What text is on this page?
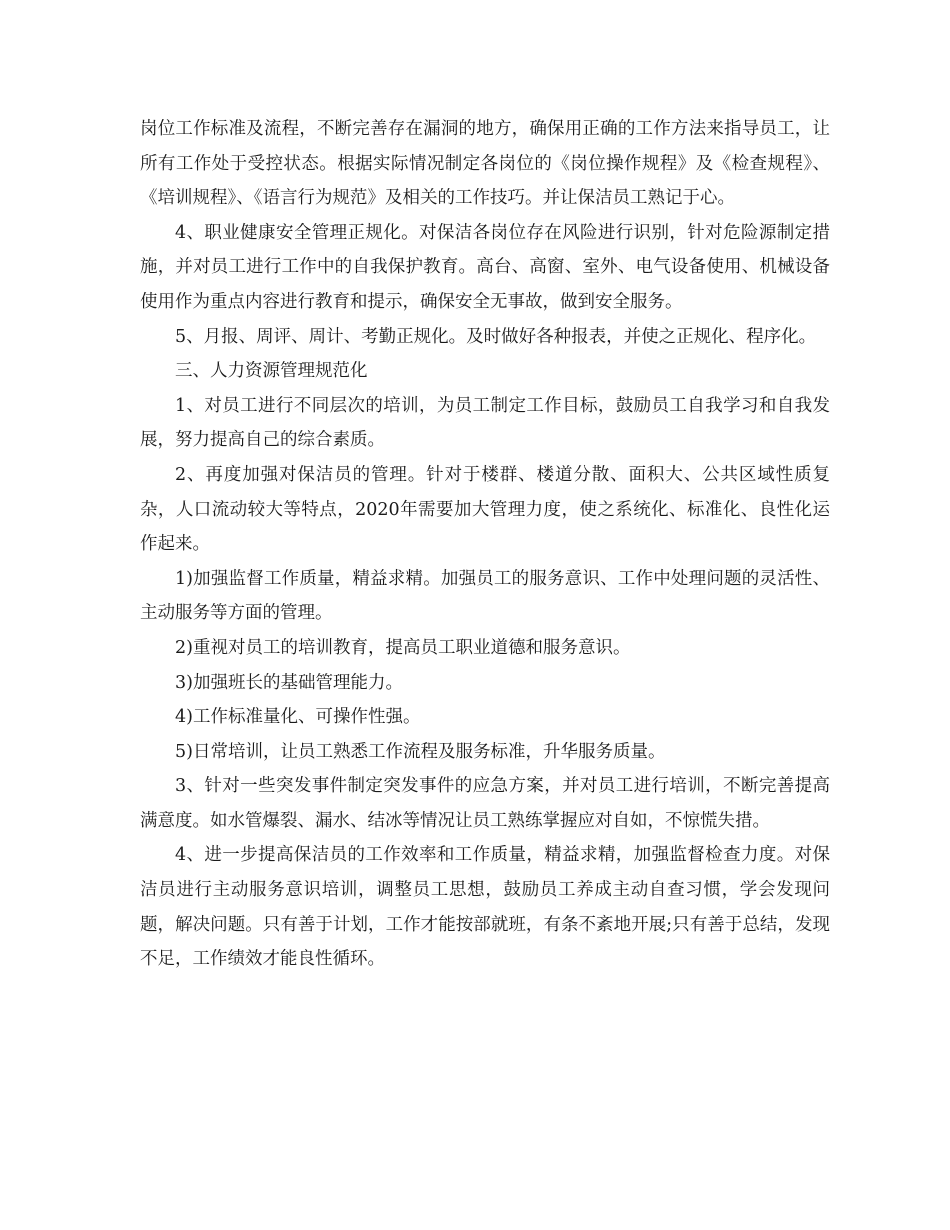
岗位工作标准及流程，不断完善存在漏洞的地方，确保用正确的工作方法来指导员工，让所有工作处于受控状态。根据实际情况制定各岗位的《岗位操作规程》及《检查规程》、《培训规程》、《语言行为规范》及相关的工作技巧。并让保洁员工熟记于心。

4、职业健康安全管理正规化。对保洁各岗位存在风险进行识别，针对危险源制定措施，并对员工进行工作中的自我保护教育。高台、高窗、室外、电气设备使用、机械设备使用作为重点内容进行教育和提示，确保安全无事故，做到安全服务。

5、月报、周评、周计、考勤正规化。及时做好各种报表，并使之正规化、程序化。

三、人力资源管理规范化

1、对员工进行不同层次的培训，为员工制定工作目标，鼓励员工自我学习和自我发展，努力提高自己的综合素质。

2、再度加强对保洁员的管理。针对于楼群、楼道分散、面积大、公共区域性质复杂，人口流动较大等特点，2020年需要加大管理力度，使之系统化、标准化、良性化运作起来。

1)加强监督工作质量，精益求精。加强员工的服务意识、工作中处理问题的灵活性、主动服务等方面的管理。

2)重视对员工的培训教育，提高员工职业道德和服务意识。

3)加强班长的基础管理能力。

4)工作标准量化、可操作性强。

5)日常培训，让员工熟悉工作流程及服务标准，升华服务质量。

3、针对一些突发事件制定突发事件的应急方案，并对员工进行培训，不断完善提高满意度。如水管爆裂、漏水、结冰等情况让员工熟练掌握应对自如，不惊慌失措。

4、进一步提高保洁员的工作效率和工作质量，精益求精，加强监督检查力度。对保洁员进行主动服务意识培训，调整员工思想，鼓励员工养成主动自查习惯，学会发现问题，解决问题。只有善于计划，工作才能按部就班，有条不紊地开展;只有善于总结，发现不足，工作绩效才能良性循环。
